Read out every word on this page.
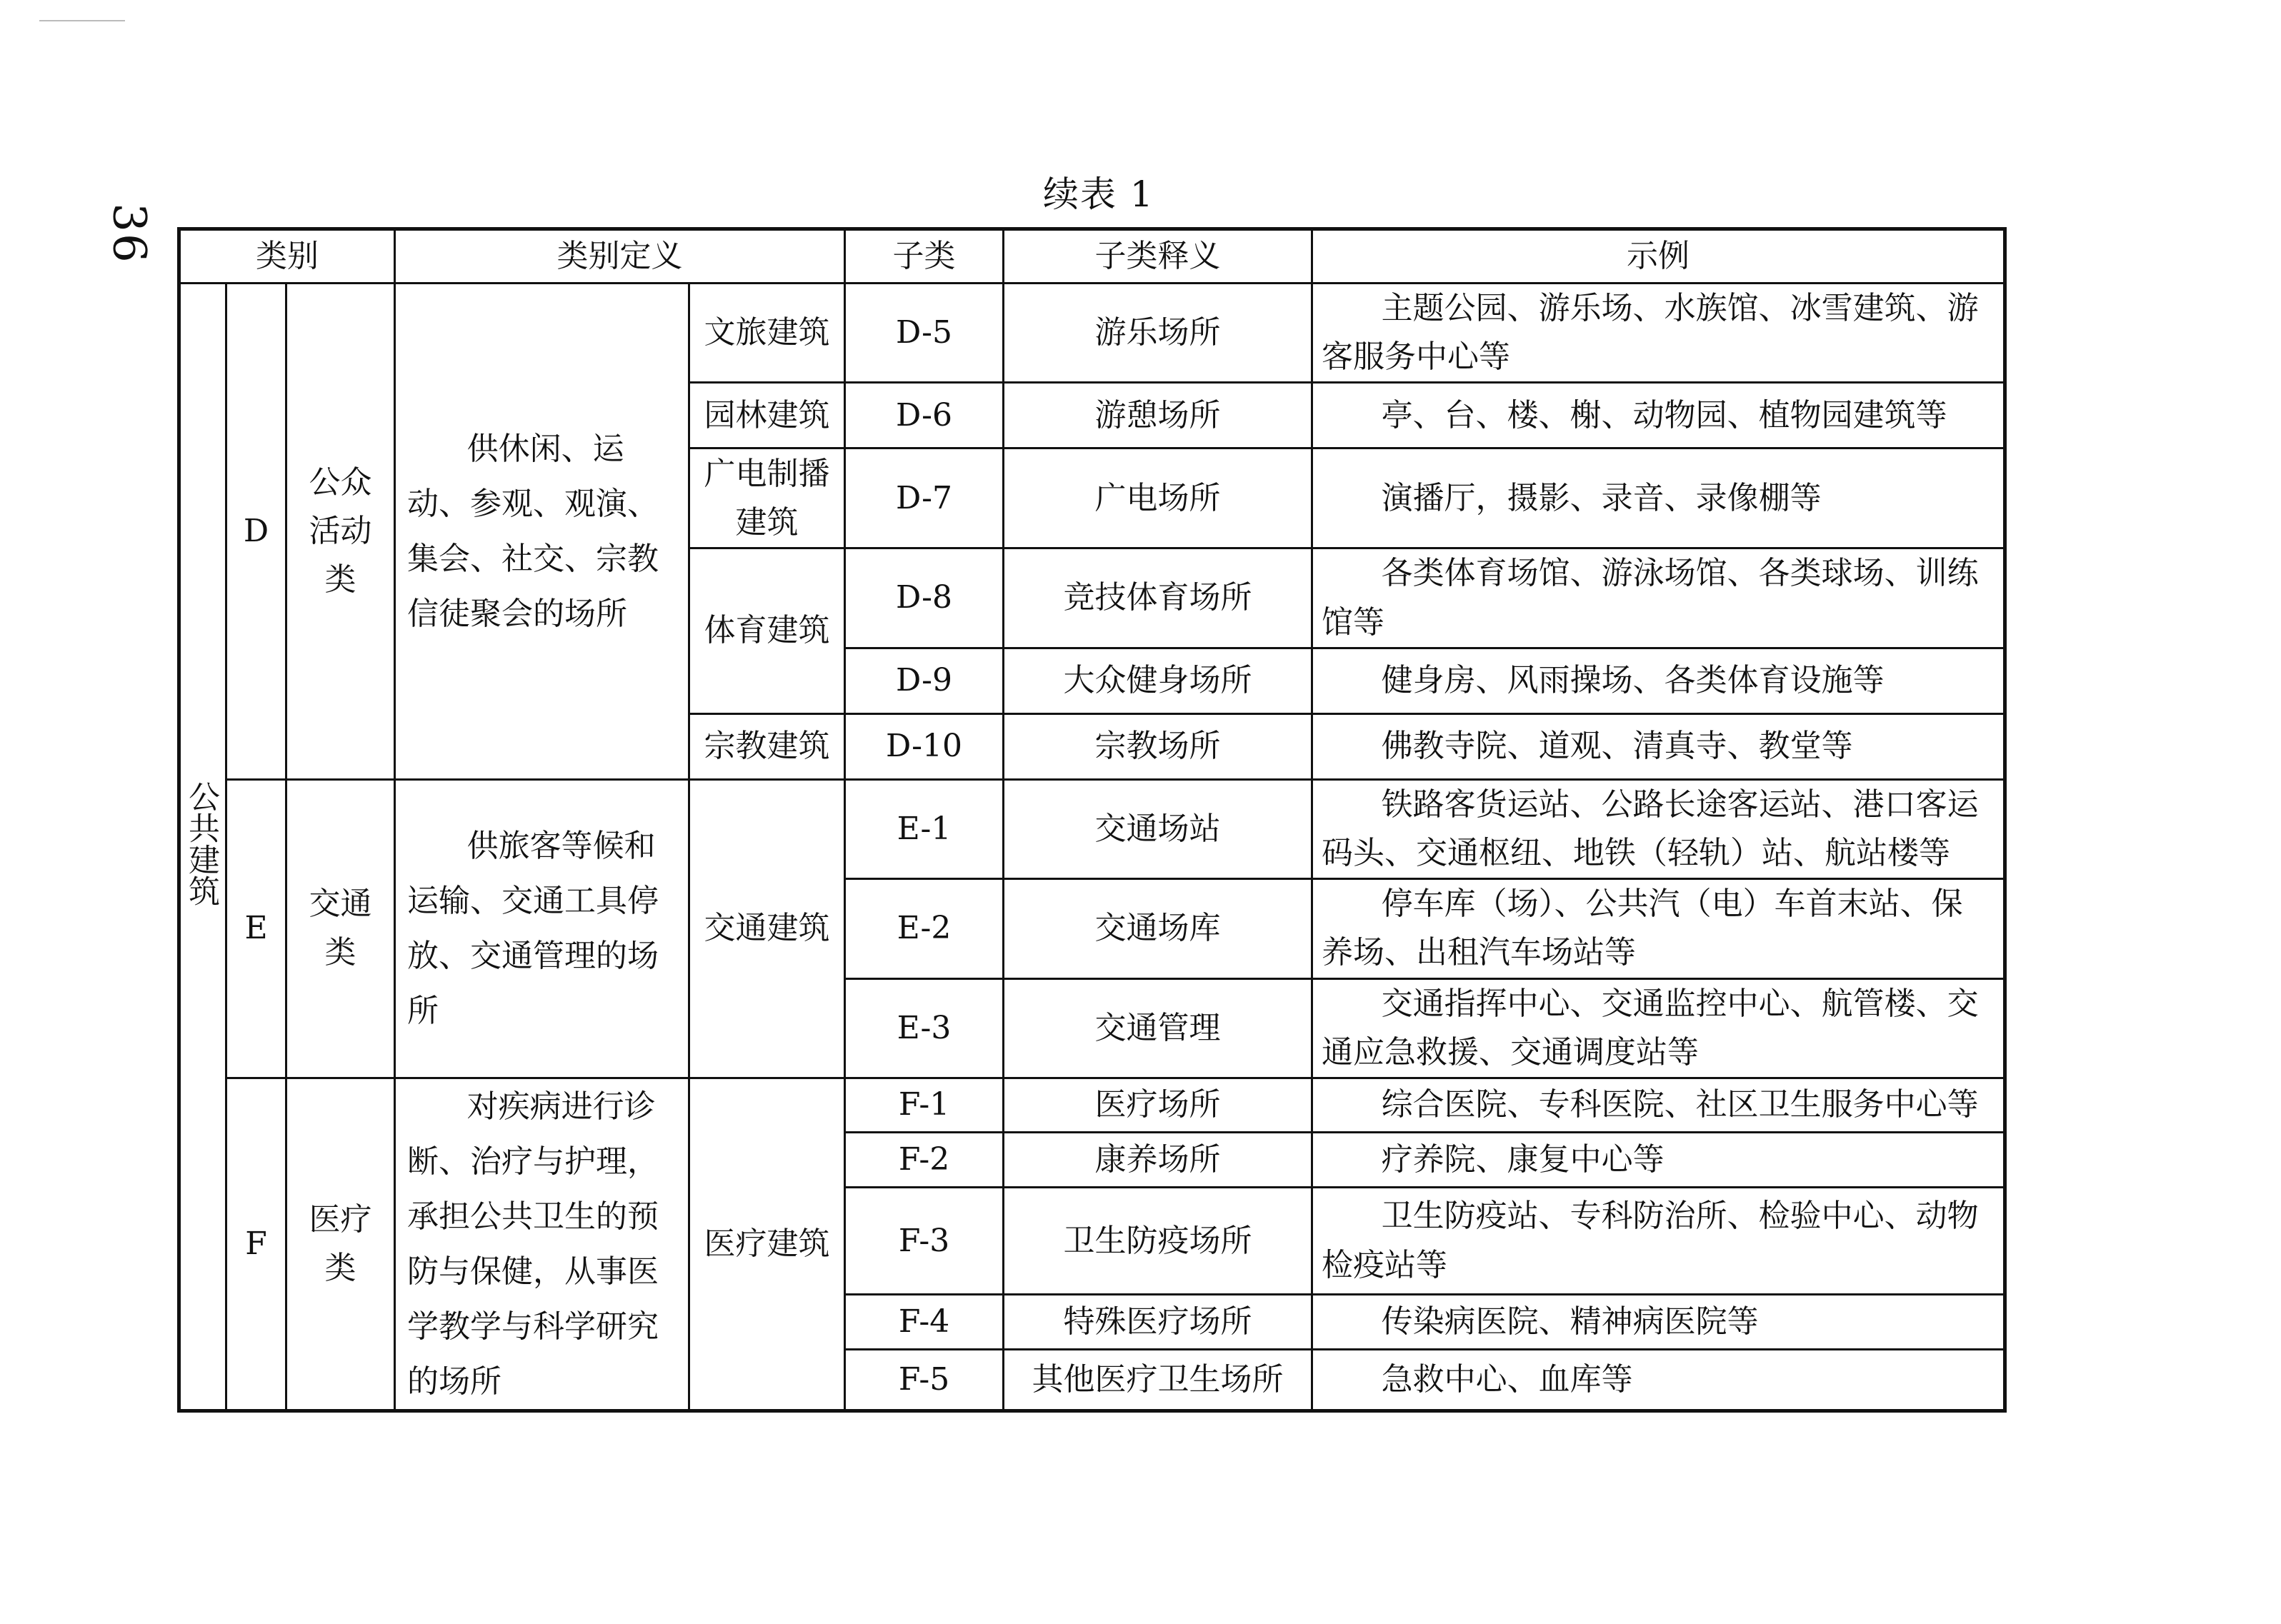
36
续表 1
类别			类别定义		子类	子类释义	示例
公共建筑	D	公众活动类	供休闲、运动、参观、观演、集会、社交、宗教信徒聚会的场所	文旅建筑	D-5	游乐场所	主题公园、游乐场、水族馆、冰雪建筑、游客服务中心等
				园林建筑	D-6	游憩场所	亭、台、楼、榭、动物园、植物园建筑等
				广电制播建筑	D-7	广电场所	演播厅，摄影、录音、录像棚等
				体育建筑	D-8	竞技体育场所	各类体育场馆、游泳场馆、各类球场、训练馆等
					D-9	大众健身场所	健身房、风雨操场、各类体育设施等
				宗教建筑	D-10	宗教场所	佛教寺院、道观、清真寺、教堂等
	E	交通类	供旅客等候和运输、交通工具停放、交通管理的场所	交通建筑	E-1	交通场站	铁路客货运站、公路长途客运站、港口客运码头、交通枢纽、地铁（轻轨）站、航站楼等
					E-2	交通场库	停车库（场）、公共汽（电）车首末站、保养场、出租汽车场站等
					E-3	交通管理	交通指挥中心、交通监控中心、航管楼、交通应急救援、交通调度站等
	F	医疗类	对疾病进行诊断、治疗与护理，承担公共卫生的预防与保健，从事医学教学与科学研究的场所	医疗建筑	F-1	医疗场所	综合医院、专科医院、社区卫生服务中心等
					F-2	康养场所	疗养院、康复中心等
					F-3	卫生防疫场所	卫生防疫站、专科防治所、检验中心、动物检疫站等
					F-4	特殊医疗场所	传染病医院、精神病医院等
					F-5	其他医疗卫生场所	急救中心、血库等
